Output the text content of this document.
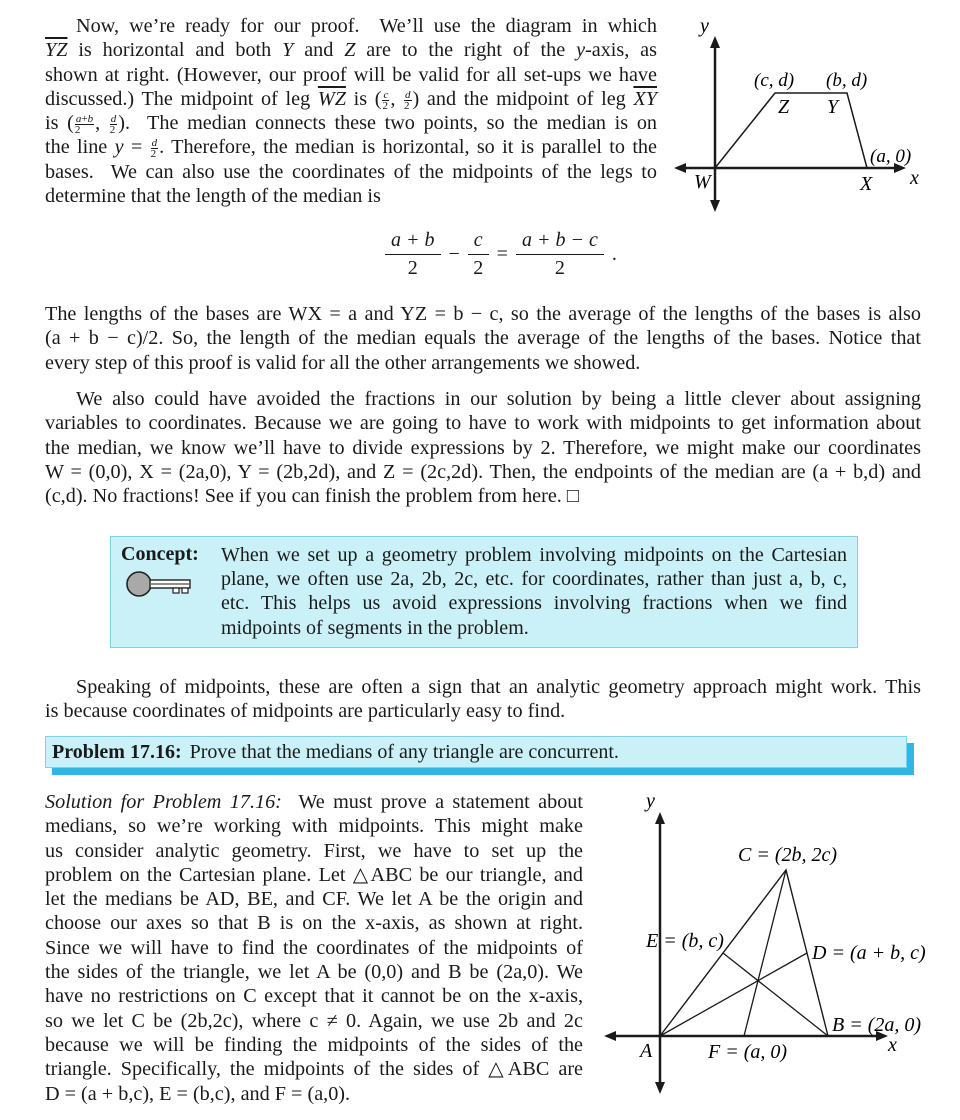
Now, we’re ready for our proof.  We’ll use the diagram in which
$\overline{YZ}$ is horizontal and both Y and Z are to the right of the y-axis, as
shown at right. (However, our proof will be valid for all set-ups we have
discussed.) The midpoint of leg $\overline{WZ}$ is ( $\frac{c}{2}$ , $\frac{d}{2}$ ) and the midpoint of leg $\overline{XY}$
is ( $\frac{a+b}{2}$ , $\frac{d}{2}$ ).  The median connects these two points, so the median is on
the line $y = \frac{d}{2}$ . Therefore, the median is horizontal, so it is parallel to the
bases.  We can also use the coordinates of the midpoints of the legs to
determine that the length of the median is
y
x
W	X
(a, 0)
Y
(b, d)
Z
(c, d)
$\frac{a + b}{2} - \frac{c}{2} = \frac{a + b - c}{2}$ .
The lengths of the bases are WX = a and YZ = b − c, so the average of the lengths of the bases is also
(a + b − c)/2. So, the length of the median equals the average of the lengths of the bases. Notice that
every step of this proof is valid for all the other arrangements we showed.
We also could have avoided the fractions in our solution by being a little clever about assigning
variables to coordinates. Because we are going to have to work with midpoints to get information about
the median, we know we’ll have to divide expressions by 2. Therefore, we might make our coordinates
W = (0,0), X = (2a,0), Y = (2b,2d), and Z = (2c,2d). Then, the endpoints of the median are (a + b,d) and
(c,d). No fractions! See if you can finish the problem from here. □
Concept: When we set up a geometry problem involving midpoints on the Cartesian
plane, we often use 2a, 2b, 2c, etc. for coordinates, rather than just a, b, c,
etc. This helps us avoid expressions involving fractions when we find
midpoints of segments in the problem.
Speaking of midpoints, these are often a sign that an analytic geometry approach might work. This
is because coordinates of midpoints are particularly easy to find.
Problem 17.16: Prove that the medians of any triangle are concurrent.
Solution for Problem 17.16: We must prove a statement about
medians, so we’re working with midpoints. This might make
us consider analytic geometry. First, we have to set up the
problem on the Cartesian plane. Let △ABC be our triangle, and
let the medians be AD, BE, and CF. We let A be the origin and
choose our axes so that B is on the x-axis, as shown at right.
Since we will have to find the coordinates of the midpoints of
the sides of the triangle, we let A be (0,0) and B be (2a,0). We
have no restrictions on C except that it cannot be on the x-axis,
so we let C be (2b,2c), where c ≠ 0. Again, we use 2b and 2c
because we will be finding the midpoints of the sides of the
triangle. Specifically, the midpoints of the sides of △ABC are
D = (a + b,c), E = (b,c), and F = (a,0).
y
x
A
B = (2a, 0)
C = (2b, 2c)
D = (a + b, c)
E = (b, c)
F = (a, 0)
